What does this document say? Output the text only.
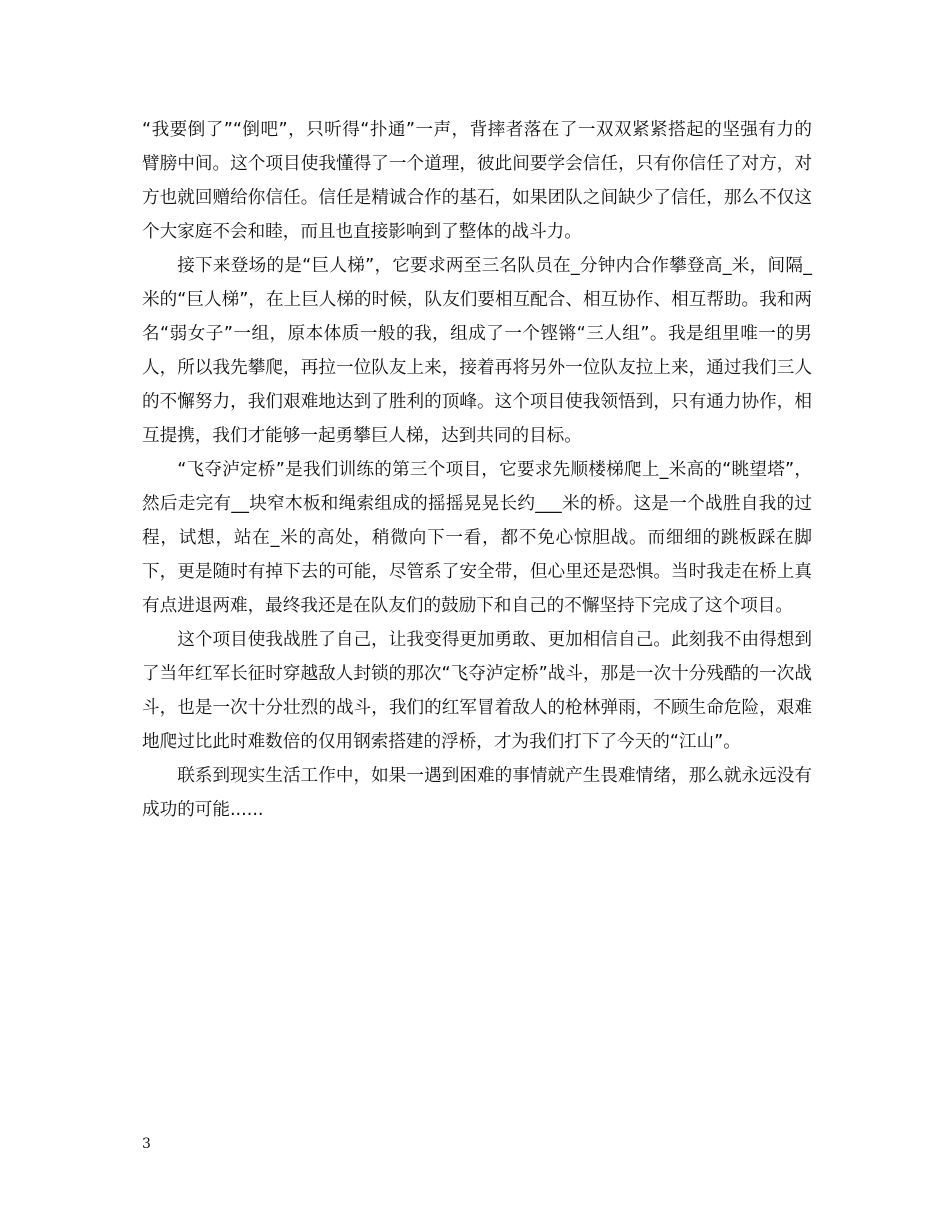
“我要倒了”“倒吧”，只听得“扑通”一声，背摔者落在了一双双紧紧搭起的坚强有力的臂膀中间。这个项目使我懂得了一个道理，彼此间要学会信任，只有你信任了对方，对方也就回赠给你信任。信任是精诚合作的基石，如果团队之间缺少了信任，那么不仅这个大家庭不会和睦，而且也直接影响到了整体的战斗力。

接下来登场的是“巨人梯”，它要求两至三名队员在_分钟内合作攀登高_米，间隔_米的“巨人梯”，在上巨人梯的时候，队友们要相互配合、相互协作、相互帮助。我和两名“弱女子”一组，原本体质一般的我，组成了一个铿锵“三人组”。我是组里唯一的男人，所以我先攀爬，再拉一位队友上来，接着再将另外一位队友拉上来，通过我们三人的不懈努力，我们艰难地达到了胜利的顶峰。这个项目使我领悟到，只有通力协作，相互提携，我们才能够一起勇攀巨人梯，达到共同的目标。

“飞夺泸定桥”是我们训练的第三个项目，它要求先顺楼梯爬上_米高的“眺望塔”，然后走完有__块窄木板和绳索组成的摇摇晃晃长约___米的桥。这是一个战胜自我的过程，试想，站在_米的高处，稍微向下一看，都不免心惊胆战。而细细的跳板踩在脚下，更是随时有掉下去的可能，尽管系了安全带，但心里还是恐惧。当时我走在桥上真有点进退两难，最终我还是在队友们的鼓励下和自己的不懈坚持下完成了这个项目。

这个项目使我战胜了自己，让我变得更加勇敢、更加相信自己。此刻我不由得想到了当年红军长征时穿越敌人封锁的那次“飞夺泸定桥”战斗，那是一次十分残酷的一次战斗，也是一次十分壮烈的战斗，我们的红军冒着敌人的枪林弹雨，不顾生命危险，艰难地爬过比此时难数倍的仅用钢索搭建的浮桥，才为我们打下了今天的“江山”。

联系到现实生活工作中，如果一遇到困难的事情就产生畏难情绪，那么就永远没有成功的可能......

3
